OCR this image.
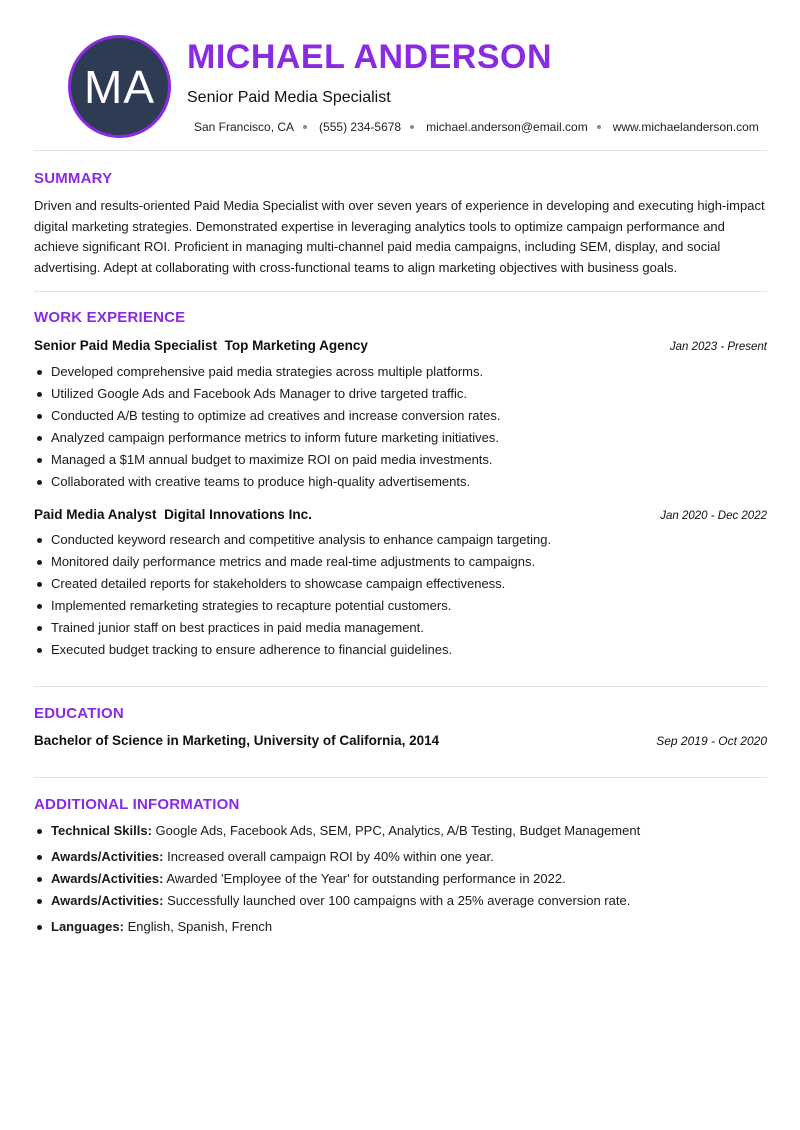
MA
MICHAEL ANDERSON
Senior Paid Media Specialist
San Francisco, CA (555) 234-5678 michael.anderson@email.com www.michaelanderson.com
SUMMARY
Driven and results-oriented Paid Media Specialist with over seven years of experience in developing and executing high-impact digital marketing strategies. Demonstrated expertise in leveraging analytics tools to optimize campaign performance and achieve significant ROI. Proficient in managing multi-channel paid media campaigns, including SEM, display, and social advertising. Adept at collaborating with cross-functional teams to align marketing objectives with business goals.
WORK EXPERIENCE
Senior Paid Media Specialist Top Marketing Agency	Jan 2023 - Present
Developed comprehensive paid media strategies across multiple platforms.
Utilized Google Ads and Facebook Ads Manager to drive targeted traffic.
Conducted A/B testing to optimize ad creatives and increase conversion rates.
Analyzed campaign performance metrics to inform future marketing initiatives.
Managed a $1M annual budget to maximize ROI on paid media investments.
Collaborated with creative teams to produce high-quality advertisements.
Paid Media Analyst Digital Innovations Inc.	Jan 2020 - Dec 2022
Conducted keyword research and competitive analysis to enhance campaign targeting.
Monitored daily performance metrics and made real-time adjustments to campaigns.
Created detailed reports for stakeholders to showcase campaign effectiveness.
Implemented remarketing strategies to recapture potential customers.
Trained junior staff on best practices in paid media management.
Executed budget tracking to ensure adherence to financial guidelines.
EDUCATION
Bachelor of Science in Marketing, University of California, 2014	Sep 2019 - Oct 2020
ADDITIONAL INFORMATION
Technical Skills: Google Ads, Facebook Ads, SEM, PPC, Analytics, A/B Testing, Budget Management
Awards/Activities: Increased overall campaign ROI by 40% within one year.
Awards/Activities: Awarded 'Employee of the Year' for outstanding performance in 2022.
Awards/Activities: Successfully launched over 100 campaigns with a 25% average conversion rate.
Languages: English, Spanish, French
